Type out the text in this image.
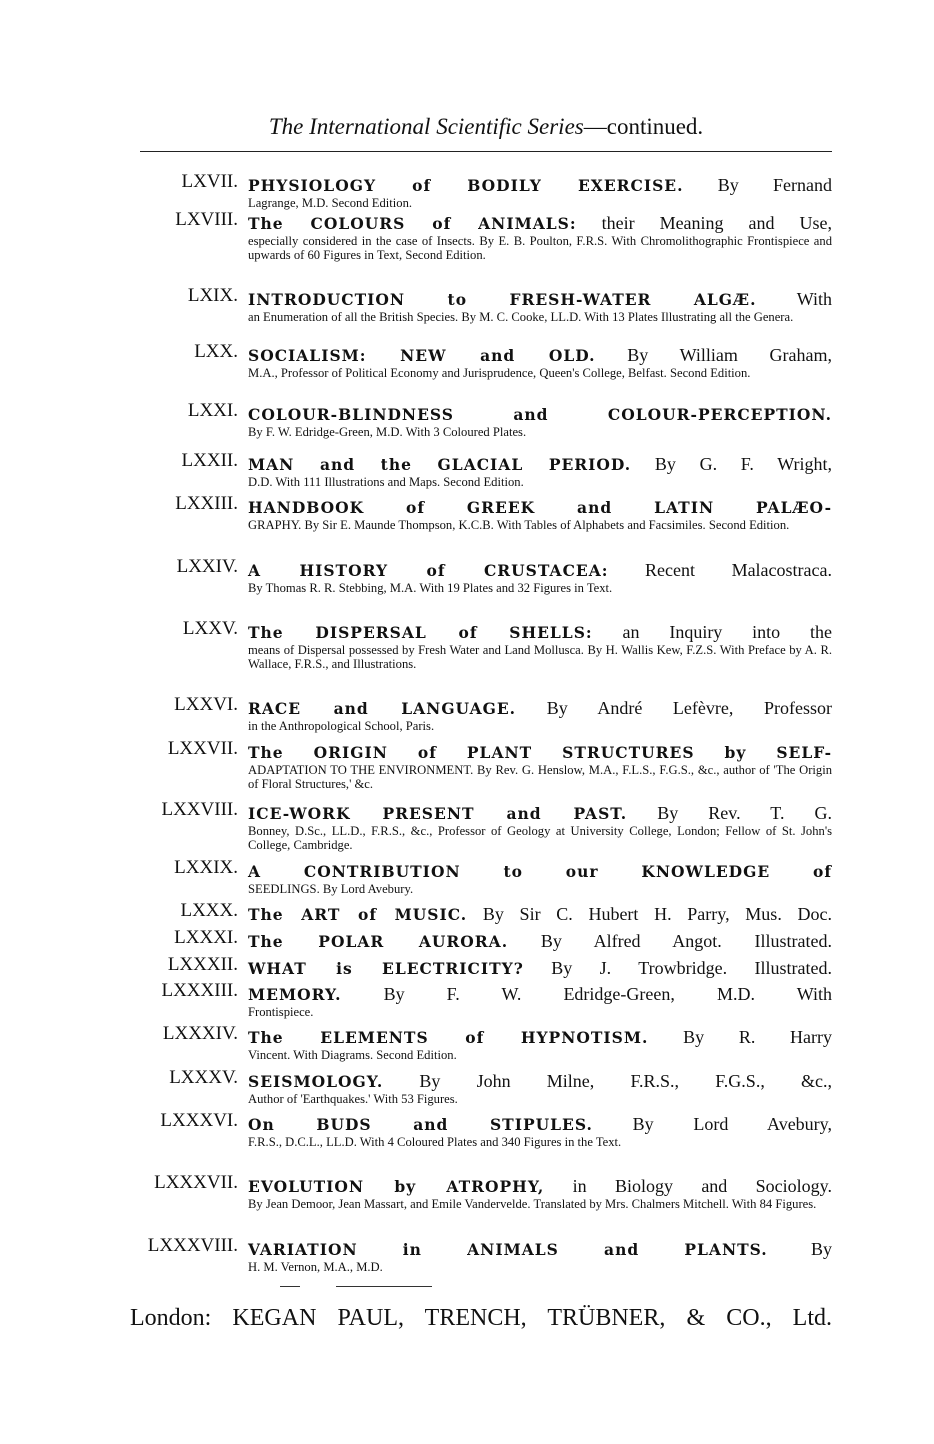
The International Scientific Series—continued.
LXVII. PHYSIOLOGY of BODILY EXERCISE. By Fernand
Lagrange, M.D. Second Edition.
LXVIII. The COLOURS of ANIMALS: their Meaning and Use,
especially considered in the case of Insects. By E. B. Poulton, F.R.S. With Chromolithographic Frontispiece and upwards of 60 Figures in Text, Second Edition.
LXIX. INTRODUCTION to FRESH-WATER ALGÆ. With
an Enumeration of all the British Species. By M. C. Cooke, LL.D. With 13 Plates Illustrating all the Genera.
LXX. SOCIALISM: NEW and OLD. By William Graham,
M.A., Professor of Political Economy and Jurisprudence, Queen's College, Belfast. Second Edition.
LXXI. COLOUR-BLINDNESS and COLOUR-PERCEPTION.
By F. W. Edridge-Green, M.D. With 3 Coloured Plates.
LXXII. MAN and the GLACIAL PERIOD. By G. F. Wright,
D.D. With 111 Illustrations and Maps. Second Edition.
LXXIII. HANDBOOK of GREEK and LATIN PALÆO-
GRAPHY. By Sir E. Maunde Thompson, K.C.B. With Tables of Alphabets and Facsimiles. Second Edition.
LXXIV. A HISTORY of CRUSTACEA: Recent Malacostraca.
By Thomas R. R. Stebbing, M.A. With 19 Plates and 32 Figures in Text.
LXXV. The DISPERSAL of SHELLS: an Inquiry into the
means of Dispersal possessed by Fresh Water and Land Mollusca. By H. Wallis Kew, F.Z.S. With Preface by A. R. Wallace, F.R.S., and Illustrations.
LXXVI. RACE and LANGUAGE. By André Lefèvre, Professor
in the Anthropological School, Paris.
LXXVII. The ORIGIN of PLANT STRUCTURES by SELF-
ADAPTATION TO THE ENVIRONMENT. By Rev. G. Henslow, M.A., F.L.S., F.G.S., &c., author of 'The Origin of Floral Structures,' &c.
LXXVIII. ICE-WORK PRESENT and PAST. By Rev. T. G.
Bonney, D.Sc., LL.D., F.R.S., &c., Professor of Geology at University College, London; Fellow of St. John's College, Cambridge.
LXXIX. A CONTRIBUTION to our KNOWLEDGE of
SEEDLINGS. By Lord Avebury.
LXXX. The ART of MUSIC. By Sir C. Hubert H. Parry, Mus. Doc.
LXXXI. The POLAR AURORA. By Alfred Angot. Illustrated.
LXXXII. WHAT is ELECTRICITY? By J. Trowbridge. Illustrated.
LXXXIII. MEMORY. By F. W. Edridge-Green, M.D. With
Frontispiece.
LXXXIV. The ELEMENTS of HYPNOTISM. By R. Harry
Vincent. With Diagrams. Second Edition.
LXXXV. SEISMOLOGY. By John Milne, F.R.S., F.G.S., &c.,
Author of 'Earthquakes.' With 53 Figures.
LXXXVI. On BUDS and STIPULES. By Lord Avebury,
F.R.S., D.C.L., LL.D. With 4 Coloured Plates and 340 Figures in the Text.
LXXXVII. EVOLUTION by ATROPHY, in Biology and Sociology.
By Jean Demoor, Jean Massart, and Emile Vandervelde. Translated by Mrs. Chalmers Mitchell. With 84 Figures.
LXXXVIII. VARIATION in ANIMALS and PLANTS. By
H. M. Vernon, M.A., M.D.
London: KEGAN PAUL, TRENCH, TRÜBNER, & CO., Ltd.
